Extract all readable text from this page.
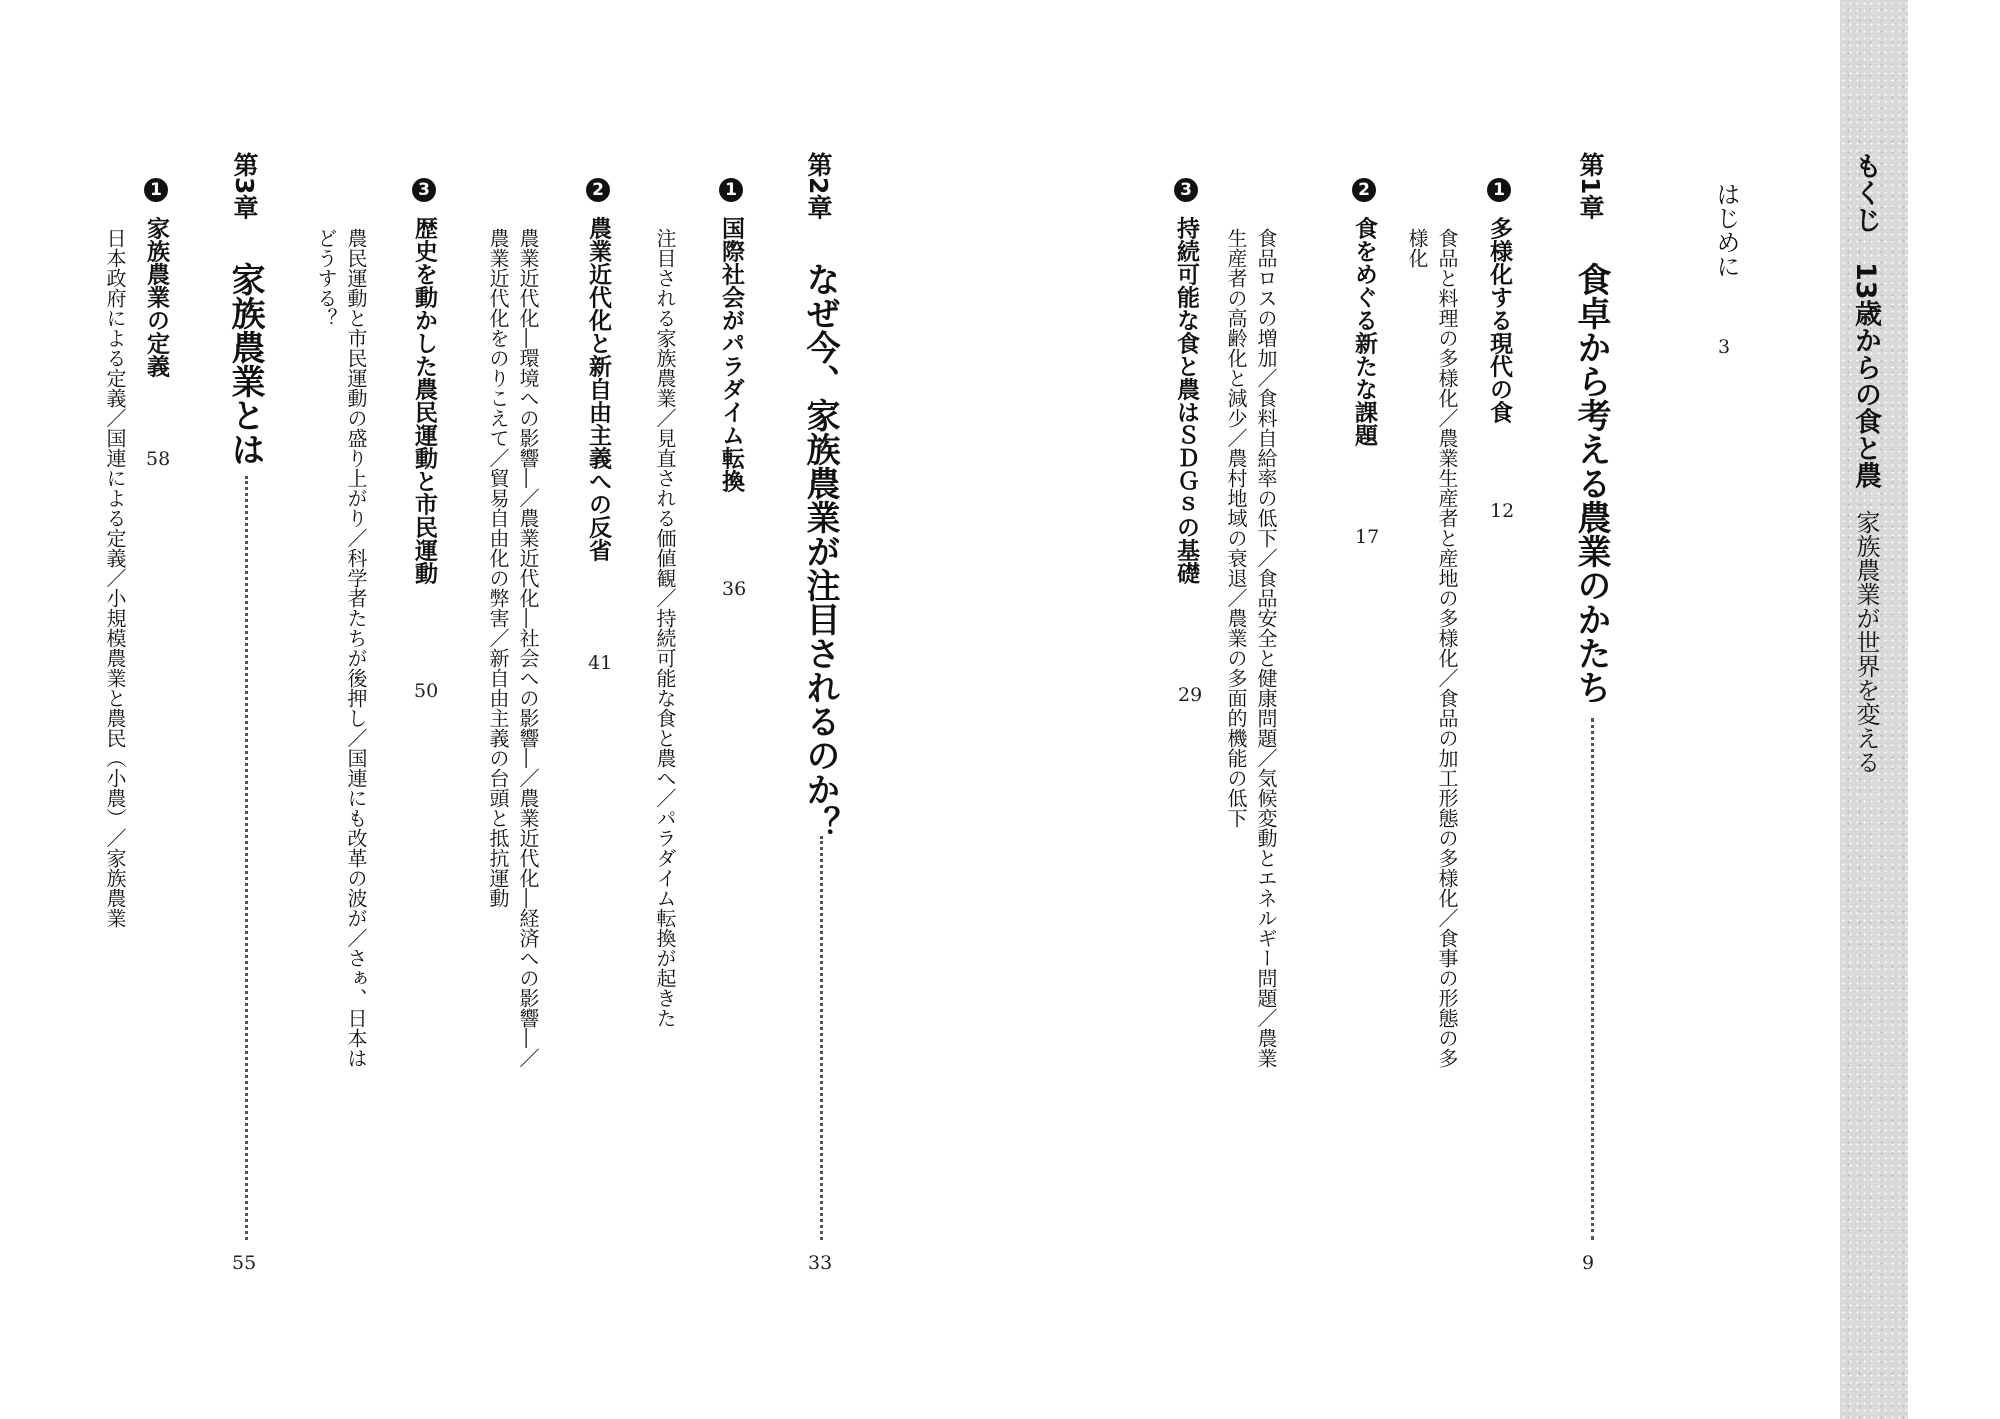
もくじ
13歳からの食と農
家族農業が世界を変える
はじめに
3
第1章
食卓から考える農業のかたち
9
1 多様化する現代の食
12
食品と料理の多様化／農業生産者と産地の多様化／食品の加工形態の多様化／食事の形態の多様化
2 食をめぐる新たな課題
17
食品ロスの増加／食料自給率の低下／食品安全と健康問題／気候変動とエネルギー問題／農業生産者の高齢化と減少／農村地域の衰退／農業の多面的機能の低下
3 持続可能な食と農はＳＤＧｓの基礎
29
第2章
なぜ今、家族農業が注目されるのか？
33
1 国際社会がパラダイム転換
36
注目される家族農業／見直される価値観／持続可能な食と農へ／パラダイム転換が起きた
2 農業近代化と新自由主義への反省
41
農業近代化―環境への影響―／農業近代化―社会への影響―／農業近代化―経済への影響―／農業近代化をのりこえて／貿易自由化の弊害／新自由主義の台頭と抵抗運動
3 歴史を動かした農民運動と市民運動
50
農民運動と市民運動の盛り上がり／科学者たちが後押し／国連にも改革の波が／さぁ、日本はどうする？
第3章
家族農業とは
55
1 家族農業の定義
58
日本政府による定義／国連による定義／小規模農業と農民（小農）／家族農業
